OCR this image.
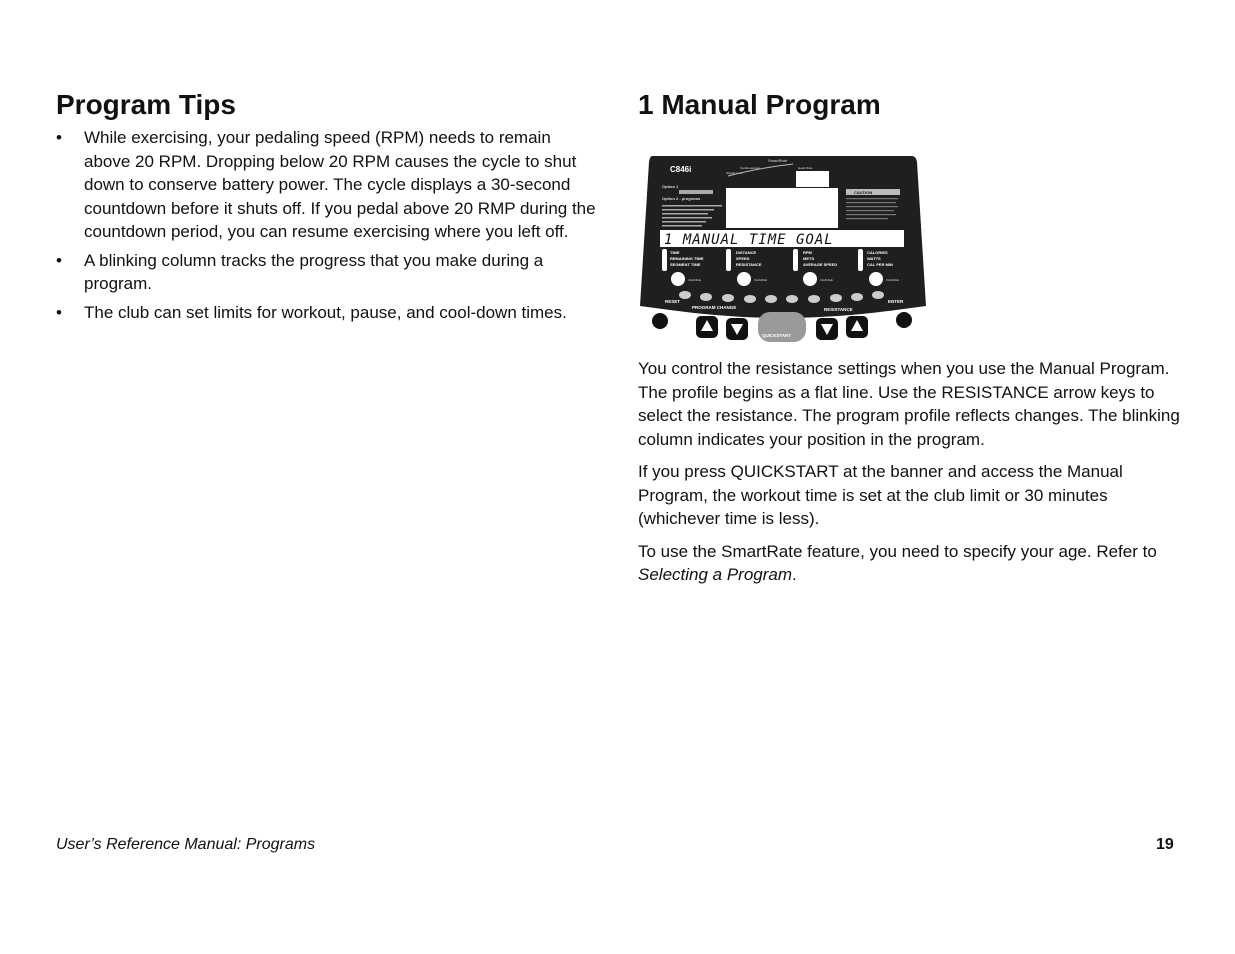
Program Tips
• While exercising, your pedaling speed (RPM) needs to remain above 20 RPM. Dropping below 20 RPM causes the cycle to shut down to conserve battery power. The cycle displays a 30-second countdown before it shuts off. If you pedal above 20 RMP during the countdown period, you can resume exercising where you left off.
• A blinking column tracks the progress that you make during a program.
• The club can set limits for workout, pause, and cool-down times.
1 Manual Program
C846i
SmartRate
Heart Rate
Cardiovascular
Weight Loss
Option 1
Option 2 - programs
CAUTION
1 MANUAL TIME GOAL
TIME
REMAINING TIME
SEGMENT TIME
CHANGE
DISTANCE
SPEED
RESISTANCE
CHANGE
RPM
METS
AVERAGE SPEED
CHANGE
CALORIES
WATTS
CAL PER MIN
CHANGE
RESET	ENTER
PROGRAM CHANGE	RESISTANCE
QUICKSTART

You control the resistance settings when you use the Manual Program. The profile begins as a flat line. Use the RESISTANCE arrow keys to select the resistance. The program profile reflects changes. The blinking column indicates your position in the program.

If you press QUICKSTART at the banner and access the Manual Program, the workout time is set at the club limit or 30 minutes (whichever time is less).

To use the SmartRate feature, you need to specify your age. Refer to Selecting a Program.

User’s Reference Manual: Programs	19
